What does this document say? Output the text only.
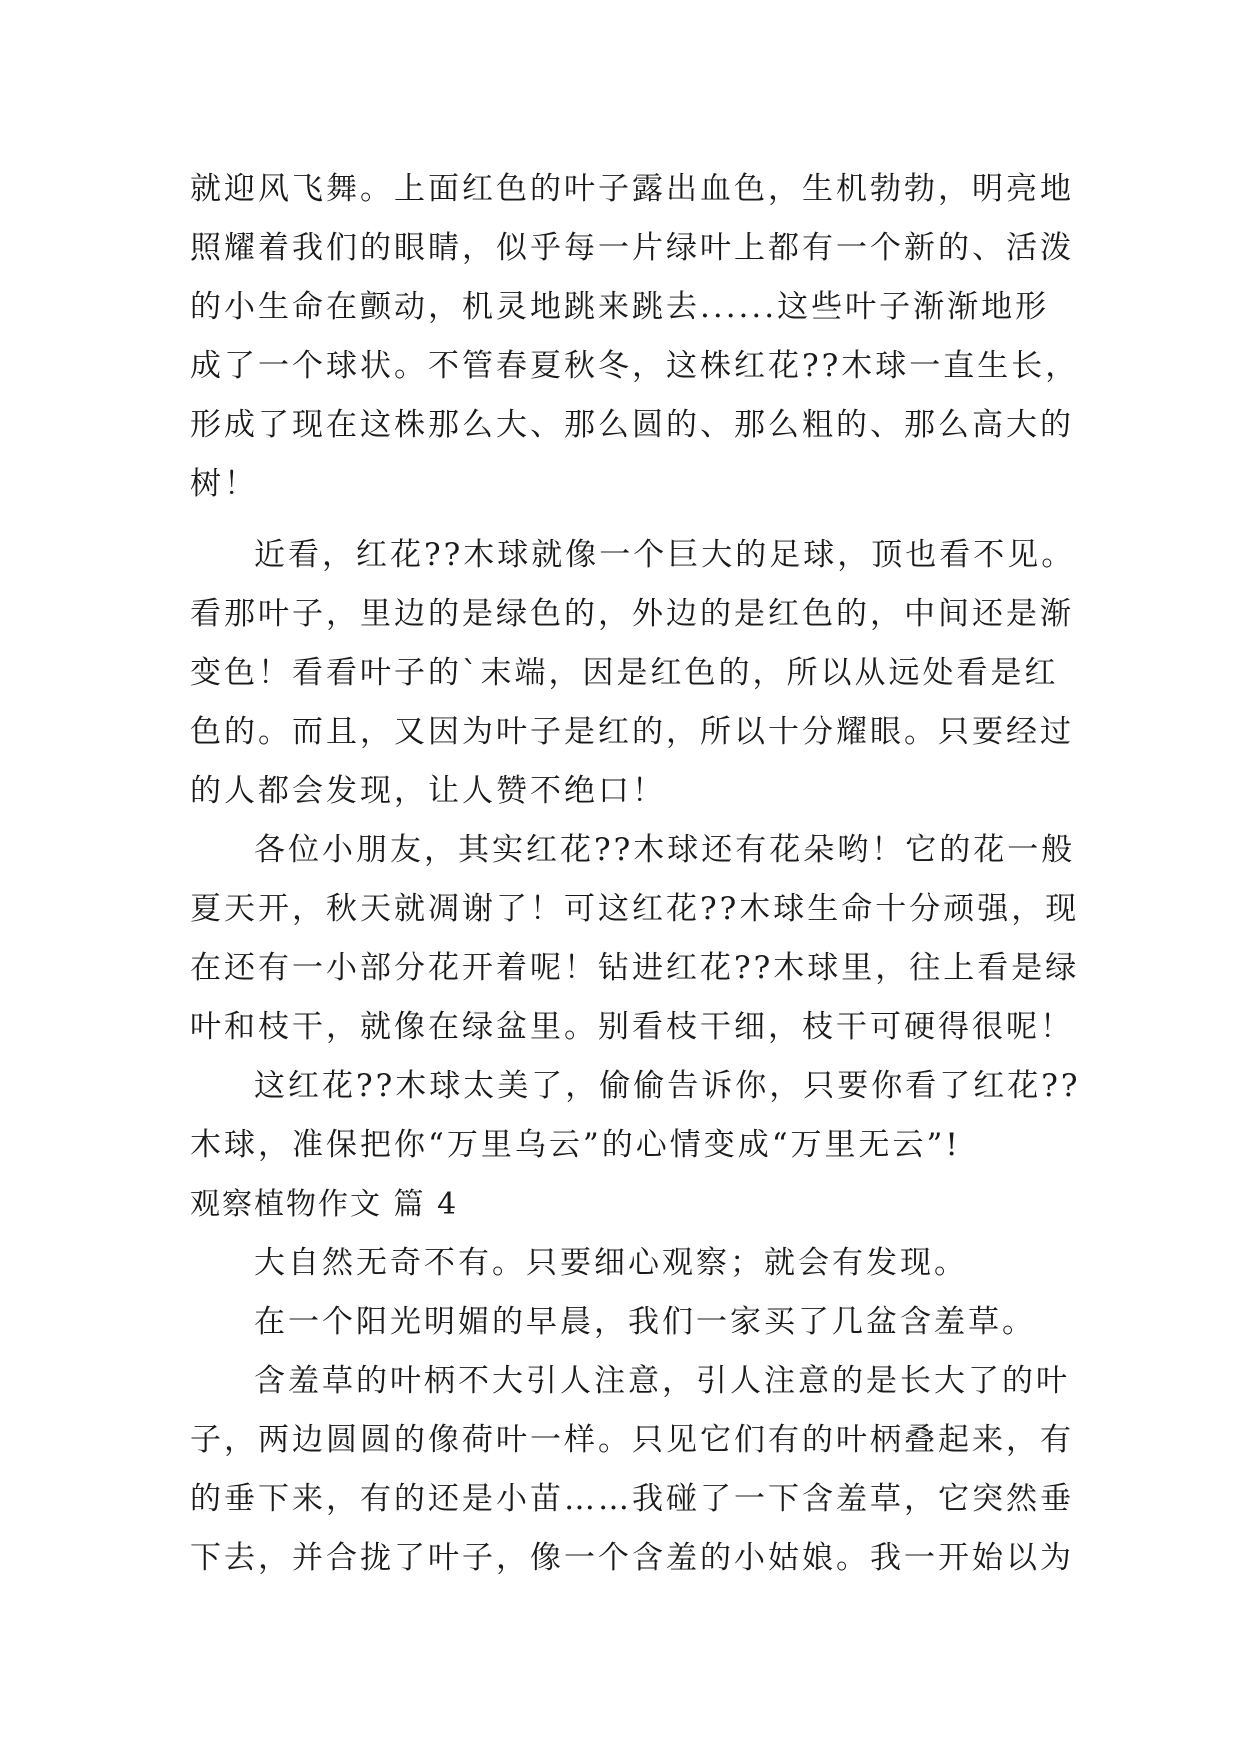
就迎风飞舞。上面红色的叶子露出血色，生机勃勃，明亮地
照耀着我们的眼睛，似乎每一片绿叶上都有一个新的、活泼
的小生命在颤动，机灵地跳来跳去......这些叶子渐渐地形
成了一个球状。不管春夏秋冬，这株红花??木球一直生长，
形成了现在这株那么大、那么圆的、那么粗的、那么高大的
树！
近看，红花??木球就像一个巨大的足球，顶也看不见。
看那叶子，里边的是绿色的，外边的是红色的，中间还是渐
变色！看看叶子的`末端，因是红色的，所以从远处看是红
色的。而且，又因为叶子是红的，所以十分耀眼。只要经过
的人都会发现，让人赞不绝口！
各位小朋友，其实红花??木球还有花朵哟！它的花一般
夏天开，秋天就凋谢了！可这红花??木球生命十分顽强，现
在还有一小部分花开着呢！钻进红花??木球里，往上看是绿
叶和枝干，就像在绿盆里。别看枝干细，枝干可硬得很呢！
这红花??木球太美了，偷偷告诉你，只要你看了红花??
木球，准保把你“万里乌云”的心情变成“万里无云”!
观察植物作文 篇 4
大自然无奇不有。只要细心观察；就会有发现。
在一个阳光明媚的早晨，我们一家买了几盆含羞草。
含羞草的叶柄不大引人注意，引人注意的是长大了的叶
子，两边圆圆的像荷叶一样。只见它们有的叶柄叠起来，有
的垂下来，有的还是小苗……我碰了一下含羞草，它突然垂
下去，并合拢了叶子，像一个含羞的小姑娘。我一开始以为
